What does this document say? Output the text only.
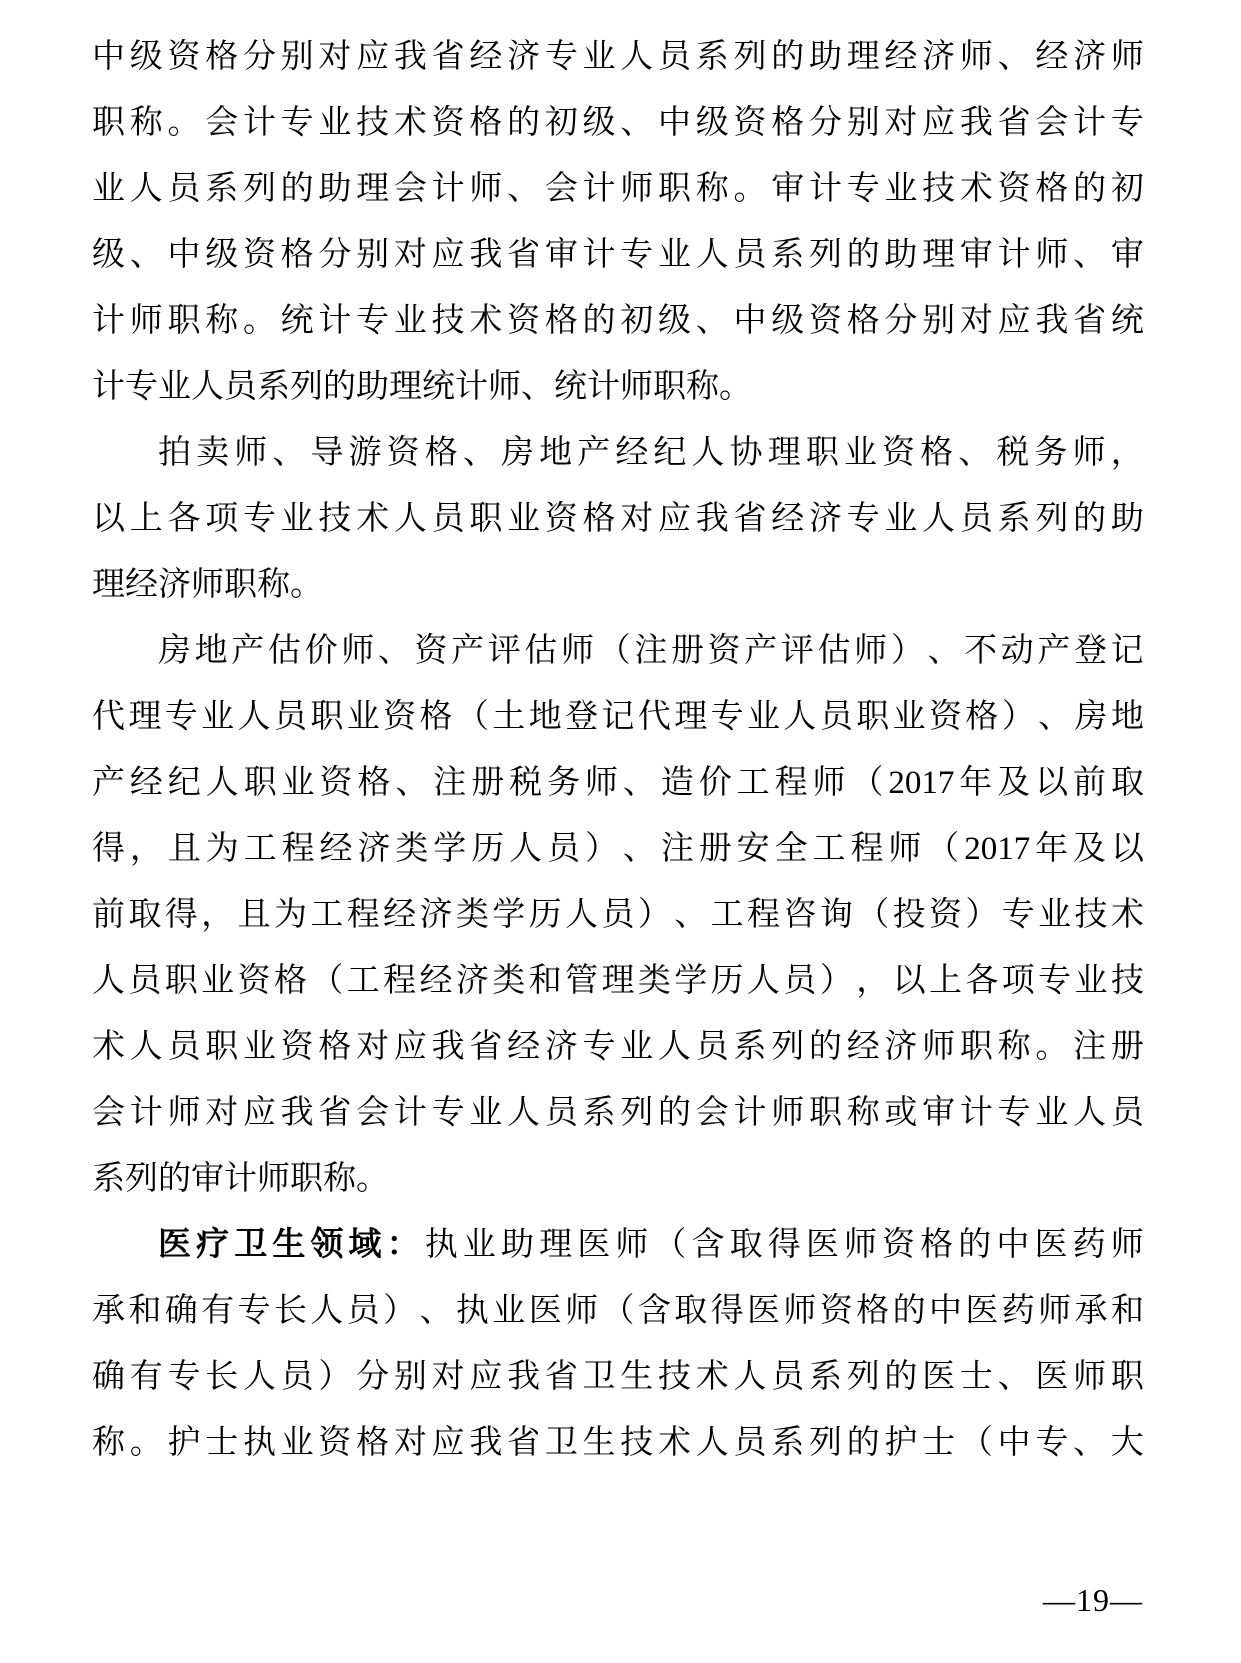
中 级 资 格 分 别 对 应 我 省 经 济 专 业 人 员 系 列 的 助 理 经 济 师 、 经 济 师
职 称 。 会 计 专 业 技 术 资 格 的 初 级 、 中 级 资 格 分 别 对 应 我 省 会 计 专
业 人 员 系 列 的 助 理 会 计 师 、 会 计 师 职 称 。 审 计 专 业 技 术 资 格 的 初
级 、 中 级 资 格 分 别 对 应 我 省 审 计 专 业 人 员 系 列 的 助 理 审 计 师 、 审
计 师 职 称 。 统 计 专 业 技 术 资 格 的 初 级 、 中 级 资 格 分 别 对 应 我 省 统
计专业人员系列的助理统计师、统计师职称。
拍 卖 师 、 导 游 资 格 、 房 地 产 经 纪 人 协 理 职 业 资 格 、 税 务 师 ，
以 上 各 项 专 业 技 术 人 员 职 业 资 格 对 应 我 省 经 济 专 业 人 员 系 列 的 助
理经济师职称。
房 地 产 估 价 师 、 资 产 评 估 师 （ 注 册 资 产 评 估 师 ） 、 不 动 产 登 记
代 理 专 业 人 员 职 业 资 格 （ 土 地 登 记 代 理 专 业 人 员 职 业 资 格 ） 、 房 地
产 经 纪 人 职 业 资 格 、 注 册 税 务 师 、 造 价 工 程 师 （ 2017 年 及 以 前 取
得 ， 且 为 工 程 经 济 类 学 历 人 员 ） 、 注 册 安 全 工 程 师 （ 2017 年 及 以
前 取 得 ， 且 为 工 程 经 济 类 学 历 人 员 ） 、 工 程 咨 询 （ 投 资 ） 专 业 技 术
人 员 职 业 资 格 （ 工 程 经 济 类 和 管 理 类 学 历 人 员 ） ， 以 上 各 项 专 业 技
术 人 员 职 业 资 格 对 应 我 省 经 济 专 业 人 员 系 列 的 经 济 师 职 称 。 注 册
会 计 师 对 应 我 省 会 计 专 业 人 员 系 列 的 会 计 师 职 称 或 审 计 专 业 人 员
系列的审计师职称。
医 疗 卫 生 领 域 ： 执 业 助 理 医 师 （ 含 取 得 医 师 资 格 的 中 医 药 师
承 和 确 有 专 长 人 员 ） 、 执 业 医 师 （ 含 取 得 医 师 资 格 的 中 医 药 师 承 和
确 有 专 长 人 员 ） 分 别 对 应 我 省 卫 生 技 术 人 员 系 列 的 医 士 、 医 师 职
称 。 护 士 执 业 资 格 对 应 我 省 卫 生 技 术 人 员 系 列 的 护 士 （ 中 专 、 大
—19—
